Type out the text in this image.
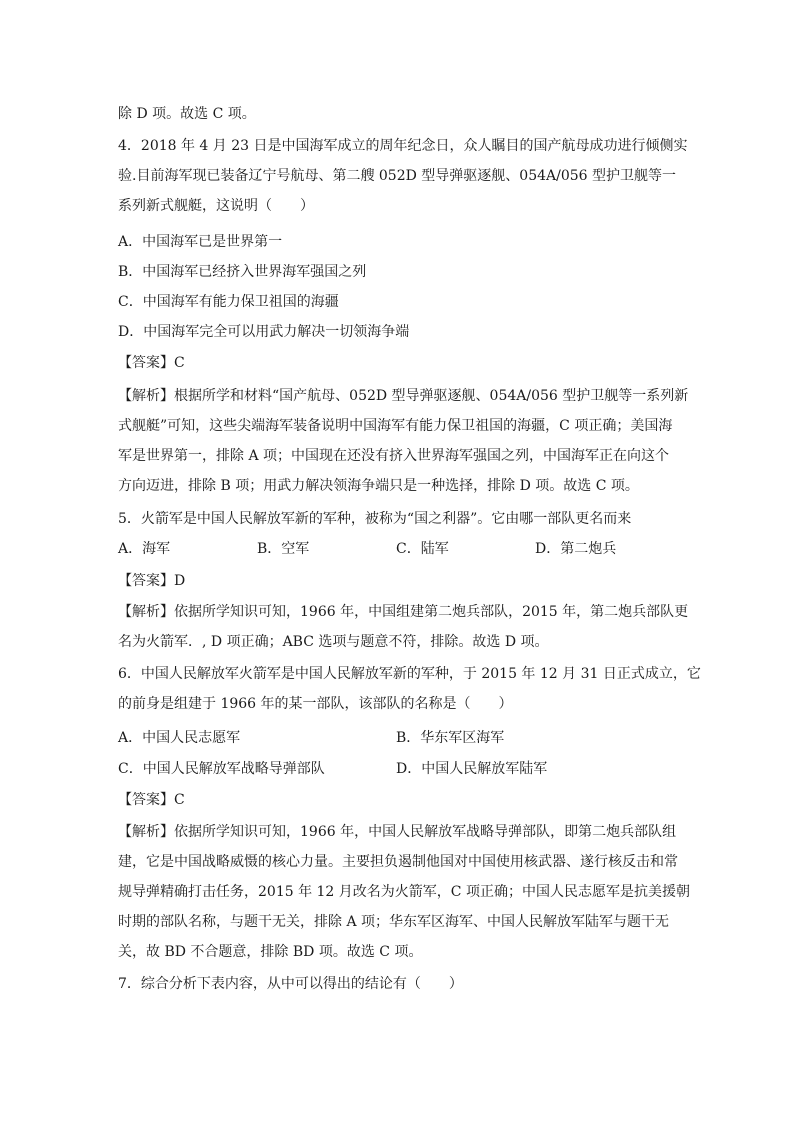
除 D 项。故选 C 项。
4．2018 年 4 月 23 日是中国海军成立的周年纪念日，众人瞩目的国产航母成功进行倾侧实
验.目前海军现已装备辽宁号航母、第二艘 052D 型导弹驱逐舰、054A/056 型护卫舰等一
系列新式舰艇，这说明（　　）
A．中国海军已是世界第一
B．中国海军已经挤入世界海军强国之列
C．中国海军有能力保卫祖国的海疆
D．中国海军完全可以用武力解决一切领海争端
【答案】C
【解析】根据所学和材料“国产航母、052D 型导弹驱逐舰、054A/056 型护卫舰等一系列新
式舰艇”可知，这些尖端海军装备说明中国海军有能力保卫祖国的海疆，C 项正确；美国海
军是世界第一，排除 A 项；中国现在还没有挤入世界海军强国之列，中国海军正在向这个
方向迈进，排除 B 项；用武力解决领海争端只是一种选择，排除 D 项。故选 C 项。
5．火箭军是中国人民解放军新的军种，被称为“国之利器”。它由哪一部队更名而来
A．海军	B．空军	C．陆军	D．第二炮兵
【答案】D
【解析】依据所学知识可知，1966 年，中国组建第二炮兵部队，2015 年，第二炮兵部队更
名为火箭军．, D 项正确；ABC 选项与题意不符，排除。故选 D 项。
6．中国人民解放军火箭军是中国人民解放军新的军种，于 2015 年 12 月 31 日正式成立，它
的前身是组建于 1966 年的某一部队，该部队的名称是（　　）
A．中国人民志愿军	B．华东军区海军
C．中国人民解放军战略导弹部队	D．中国人民解放军陆军
【答案】C
【解析】依据所学知识可知，1966 年，中国人民解放军战略导弹部队，即第二炮兵部队组
建，它是中国战略威慑的核心力量。主要担负遏制他国对中国使用核武器、遂行核反击和常
规导弹精确打击任务，2015 年 12 月改名为火箭军，C 项正确；中国人民志愿军是抗美援朝
时期的部队名称，与题干无关，排除 A 项；华东军区海军、中国人民解放军陆军与题干无
关，故 BD 不合题意，排除 BD 项。故选 C 项。
7．综合分析下表内容，从中可以得出的结论有（　　）
